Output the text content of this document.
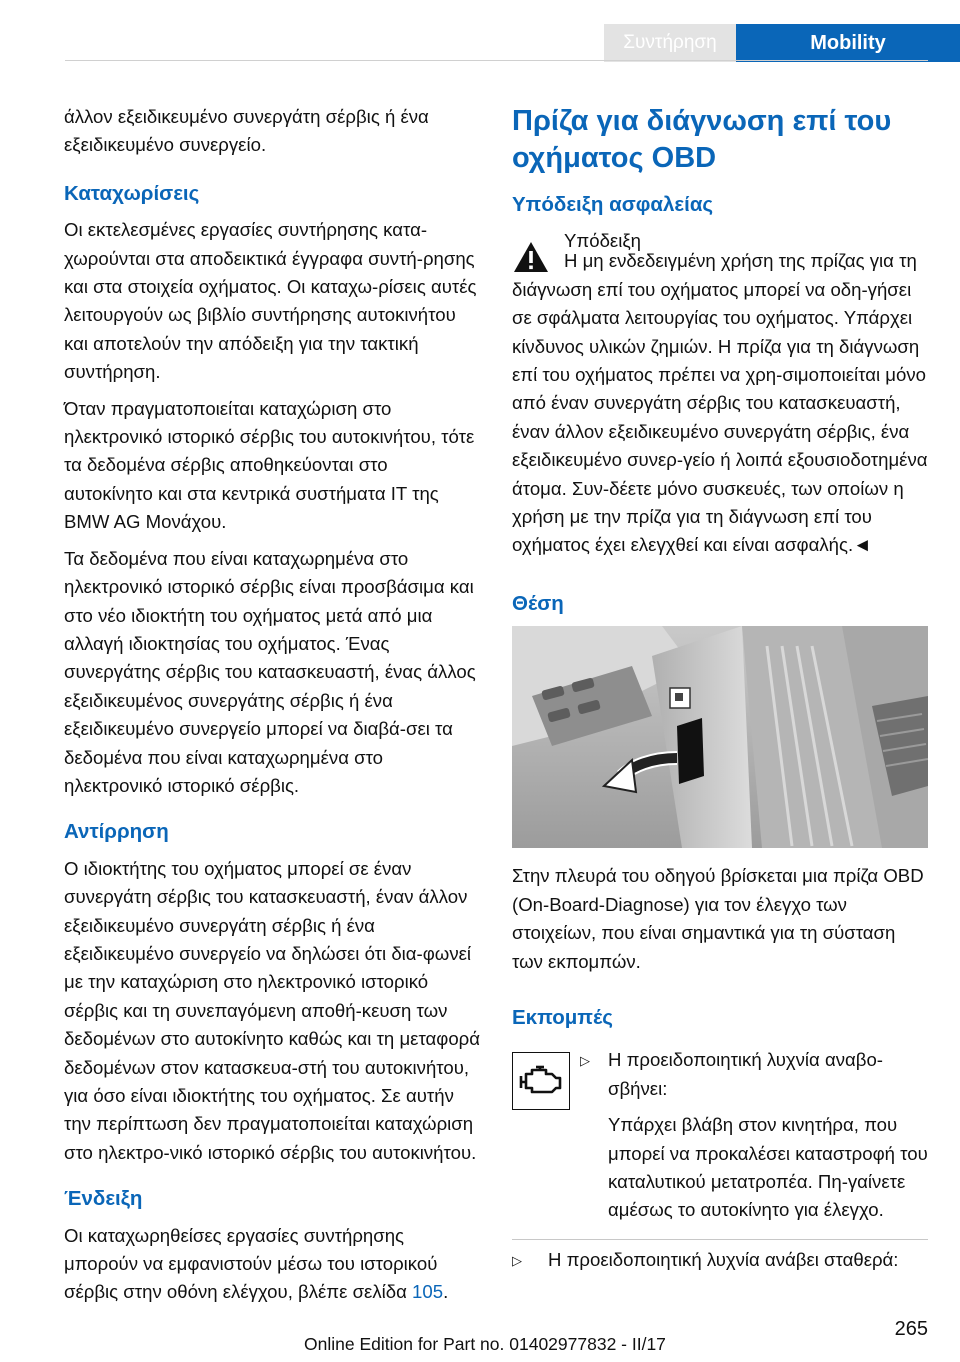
Συντήρηση	Mobility

άλλον εξειδικευμένο συνεργάτη σέρβις ή ένα εξειδικευμένο συνεργείο.

Καταχωρίσεις

Οι εκτελεσμένες εργασίες συντήρησης κατα‐χωρούνται στα αποδεικτικά έγγραφα συντή‐ρησης και στα στοιχεία οχήματος. Οι καταχω‐ρίσεις αυτές λειτουργούν ως βιβλίο συντήρησης αυτοκινήτου και αποτελούν την απόδειξη για την τακτική συντήρηση.

Όταν πραγματοποιείται καταχώριση στο ηλεκτρονικό ιστορικό σέρβις του αυτοκινήτου, τότε τα δεδομένα σέρβις αποθηκεύονται στο αυτοκίνητο και στα κεντρικά συστήματα IT της BMW AG Μονάχου.

Τα δεδομένα που είναι καταχωρημένα στο ηλεκτρονικό ιστορικό σέρβις είναι προσβάσιμα και στο νέο ιδιοκτήτη του οχήματος μετά από μια αλλαγή ιδιοκτησίας του οχήματος. Ένας συνεργάτης σέρβις του κατασκευαστή, ένας άλλος εξειδικευμένος συνεργάτης σέρβις ή ένα εξειδικευμένο συνεργείο μπορεί να διαβά‐σει τα δεδομένα που είναι καταχωρημένα στο ηλεκτρονικό ιστορικό σέρβις.

Αντίρρηση

Ο ιδιοκτήτης του οχήματος μπορεί σε έναν συνεργάτη σέρβις του κατασκευαστή, έναν άλλον εξειδικευμένο συνεργάτη σέρβις ή ένα εξειδικευμένο συνεργείο να δηλώσει ότι δια‐φωνεί με την καταχώριση στο ηλεκτρονικό ιστορικό σέρβις και τη συνεπαγόμενη αποθή‐κευση των δεδομένων στο αυτοκίνητο καθώς και τη μεταφορά δεδομένων στον κατασκευα‐στή του αυτοκινήτου, για όσο είναι ιδιοκτήτης του οχήματος. Σε αυτήν την περίπτωση δεν πραγματοποιείται καταχώριση στο ηλεκτρο‐νικό ιστορικό σέρβις του αυτοκινήτου.

Ένδειξη

Οι καταχωρηθείσες εργασίες συντήρησης μπορούν να εμφανιστούν μέσω του ιστορικού σέρβις στην οθόνη ελέγχου, βλέπε σελίδα 105.

Πρίζα για διάγνωση επί του οχήματος OBD
Υπόδειξη ασφαλείας
Υπόδειξη

Η μη ενδεδειγμένη χρήση της πρίζας για τη διάγνωση επί του οχήματος μπορεί να οδη‐γήσει σε σφάλματα λειτουργίας του οχήματος. Υπάρχει κίνδυνος υλικών ζημιών. Η πρίζα για τη διάγνωση επί του οχήματος πρέπει να χρη‐σιμοποιείται μόνο από έναν συνεργάτη σέρβις του κατασκευαστή, έναν άλλον εξειδικευμένο συνεργάτη σέρβις, ένα εξειδικευμένο συνερ‐γείο ή λοιπά εξουσιοδοτημένα άτομα. Συν‐δέετε μόνο συσκευές, των οποίων η χρήση με την πρίζα για τη διάγνωση επί του οχήματος έχει ελεγχθεί και είναι ασφαλής.◄

Θέση

Στην πλευρά του οδηγού βρίσκεται μια πρίζα OBD (On-Board-Diagnose) για τον έλεγχο των στοιχείων, που είναι σημαντικά για τη σύσταση των εκπομπών.

Εκπομπές
▷ Η προειδοποιητική λυχνία αναβο‐σβήνει:

Υπάρχει βλάβη στον κινητήρα, που μπορεί να προκαλέσει καταστροφή του καταλυτικού μετατροπέα. Πη‐γαίνετε αμέσως το αυτοκίνητο για έλεγχο.

▷	Η προειδοποιητική λυχνία ανάβει σταθερά:
265
Online Edition for Part no. 01402977832 - II/17
